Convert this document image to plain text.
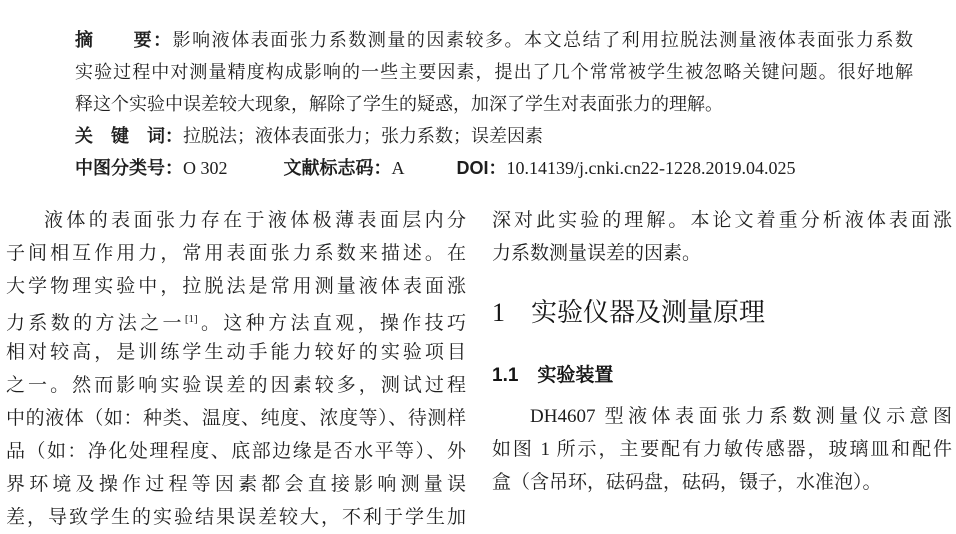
摘　　要：影响液体表面张力系数测量的因素较多。本文总结了利用拉脱法测量液体表面张力系数
实验过程中对测量精度构成影响的一些主要因素，提出了几个常常被学生被忽略关键问题。很好地解
释这个实验中误差较大现象，解除了学生的疑惑，加深了学生对表面张力的理解。
关　键　词：拉脱法；液体表面张力；张力系数；误差因素
中图分类号：O 302	文献标志码：A	DOI：10.14139/j.cnki.cn22-1228.2019.04.025
液体的表面张力存在于液体极薄表面层内分
子间相互作用力，常用表面张力系数来描述。在
大学物理实验中，拉脱法是常用测量液体表面涨
力系数的方法之一[1]。这种方法直观，操作技巧
相对较高，是训练学生动手能力较好的实验项目
之一。然而影响实验误差的因素较多，测试过程
中的液体（如：种类、温度、纯度、浓度等）、待测样
品（如：净化处理程度、底部边缘是否水平等）、外
界环境及操作过程等因素都会直接影响测量误
差，导致学生的实验结果误差较大，不利于学生加
深对此实验的理解。本论文着重分析液体表面涨
力系数测量误差的因素。
1　实验仪器及测量原理
1.1　实验装置
DH4607 型液体表面张力系数测量仪示意图
如图 1 所示，主要配有力敏传感器，玻璃皿和配件
盒（含吊环，砝码盘，砝码，镊子，水准泡）。
